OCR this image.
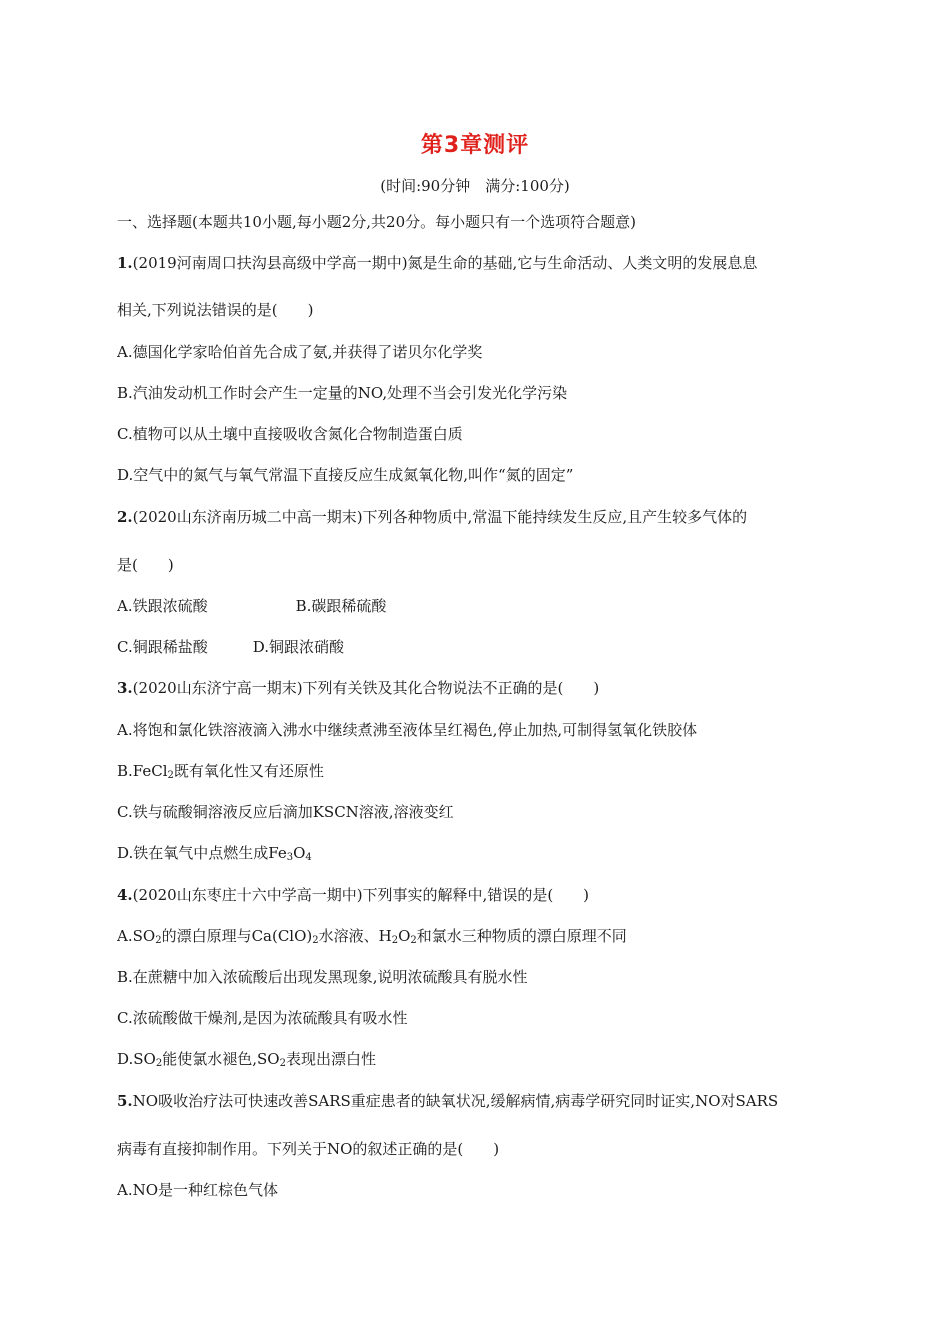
第3章测评
(时间:90分钟　满分:100分)
一、选择题(本题共10小题,每小题2分,共20分。每小题只有一个选项符合题意)
1.(2019河南周口扶沟县高级中学高一期中)氮是生命的基础,它与生命活动、人类文明的发展息息
相关,下列说法错误的是(　　)
A.德国化学家哈伯首先合成了氨,并获得了诺贝尔化学奖
B.汽油发动机工作时会产生一定量的NO,处理不当会引发光化学污染
C.植物可以从土壤中直接吸收含氮化合物制造蛋白质
D.空气中的氮气与氧气常温下直接反应生成氮氧化物,叫作“氮的固定”
2.(2020山东济南历城二中高一期末)下列各种物质中,常温下能持续发生反应,且产生较多气体的
是(　　)
A.铁跟浓硫酸	B.碳跟稀硫酸
C.铜跟稀盐酸	D.铜跟浓硝酸
3.(2020山东济宁高一期末)下列有关铁及其化合物说法不正确的是(　　)
A.将饱和氯化铁溶液滴入沸水中继续煮沸至液体呈红褐色,停止加热,可制得氢氧化铁胶体
B.FeCl$_2$既有氧化性又有还原性
C.铁与硫酸铜溶液反应后滴加KSCN溶液,溶液变红
D.铁在氧气中点燃生成$Fe_3O_4$
4.(2020山东枣庄十六中学高一期中)下列事实的解释中,错误的是(　　)
$A.SO_2$的漂白原理与$Ca(ClO)_2$水溶液、$H_2O_2$和氯水三种物质的漂白原理不同
B.在蔗糖中加入浓硫酸后出现发黑现象,说明浓硫酸具有脱水性
C.浓硫酸做干燥剂,是因为浓硫酸具有吸水性
$D.SO_2$能使氯水褪色$,SO_2$表现出漂白性
5.NO吸收治疗法可快速改善SARS重症患者的缺氧状况,缓解病情,病毒学研究同时证实,NO对SARS
病毒有直接抑制作用。下列关于NO的叙述正确的是(　　)
A.NO是一种红棕色气体
